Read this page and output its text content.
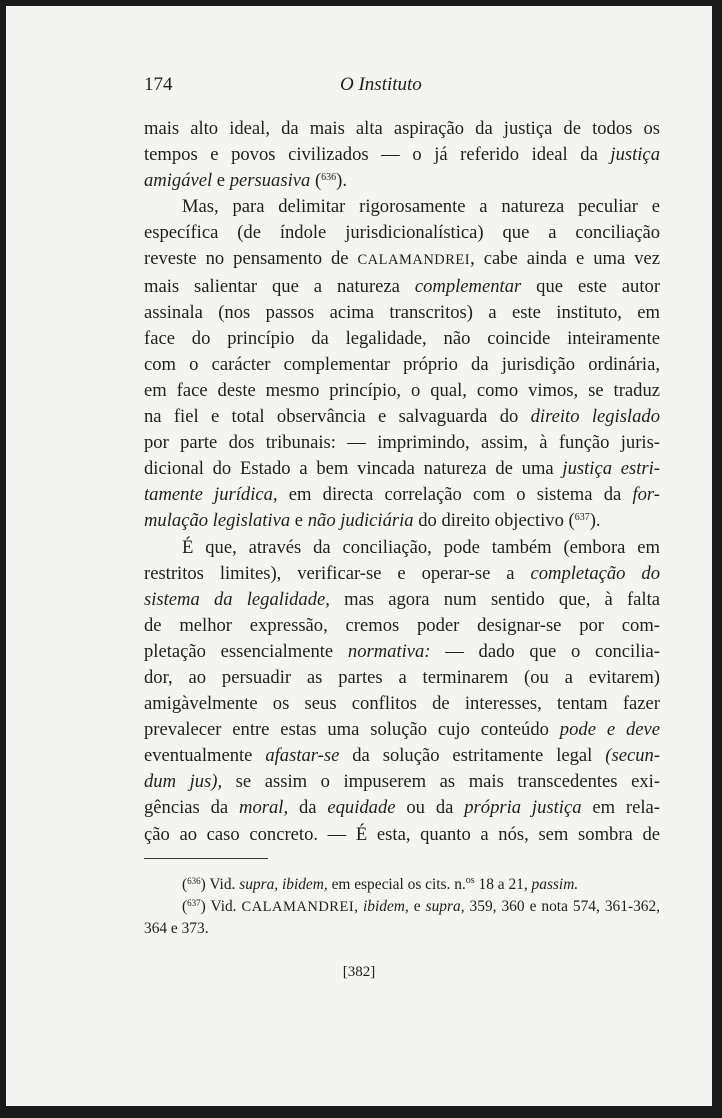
174	O Instituto
mais alto ideal, da mais alta aspiração da justiça de todos os
tempos e povos civilizados — o já referido ideal da justiça
amigável e persuasiva ($^{636}$).
Mas, para delimitar rigorosamente a natureza peculiar e
específica (de índole jurisdicionalística) que a conciliação
reveste no pensamento de CALAMANDREI, cabe ainda e uma vez
mais salientar que a natureza complementar que este autor
assinala (nos passos acima transcritos) a este instituto, em
face do princípio da legalidade, não coincide inteiramente
com o carácter complementar próprio da jurisdição ordinária,
em face deste mesmo princípio, o qual, como vimos, se traduz
na fiel e total observância e salvaguarda do direito legislado
por parte dos tribunais: — imprimindo, assim, à função juris-
dicional do Estado a bem vincada natureza de uma justiça estri-
tamente jurídica, em directa correlação com o sistema da for-
mulação legislativa e não judiciária do direito objectivo ($^{637}$).
É que, através da conciliação, pode também (embora em
restritos limites), verificar-se e operar-se a completação do
sistema da legalidade, mas agora num sentido que, à falta
de melhor expressão, cremos poder designar-se por com-
pletação essencialmente normativa: — dado que o concilia-
dor, ao persuadir as partes a terminarem (ou a evitarem)
amigàvelmente os seus conflitos de interesses, tentam fazer
prevalecer entre estas uma solução cujo conteúdo pode e deve
eventualmente afastar-se da solução estritamente legal (secun-
dum jus), se assim o impuserem as mais transcedentes exi-
gências da moral, da equidade ou da própria justiça em rela-
ção ao caso concreto. — É esta, quanto a nós, sem sombra de
($^{636}$) Vid. supra, ibidem, em especial os cits. n.$^{os}$ 18 a 21, passim.
($^{637}$) Vid. CALAMANDREI, ibidem, e supra, 359, 360 e nota 574, 361-362,
364 e 373.
[382]
